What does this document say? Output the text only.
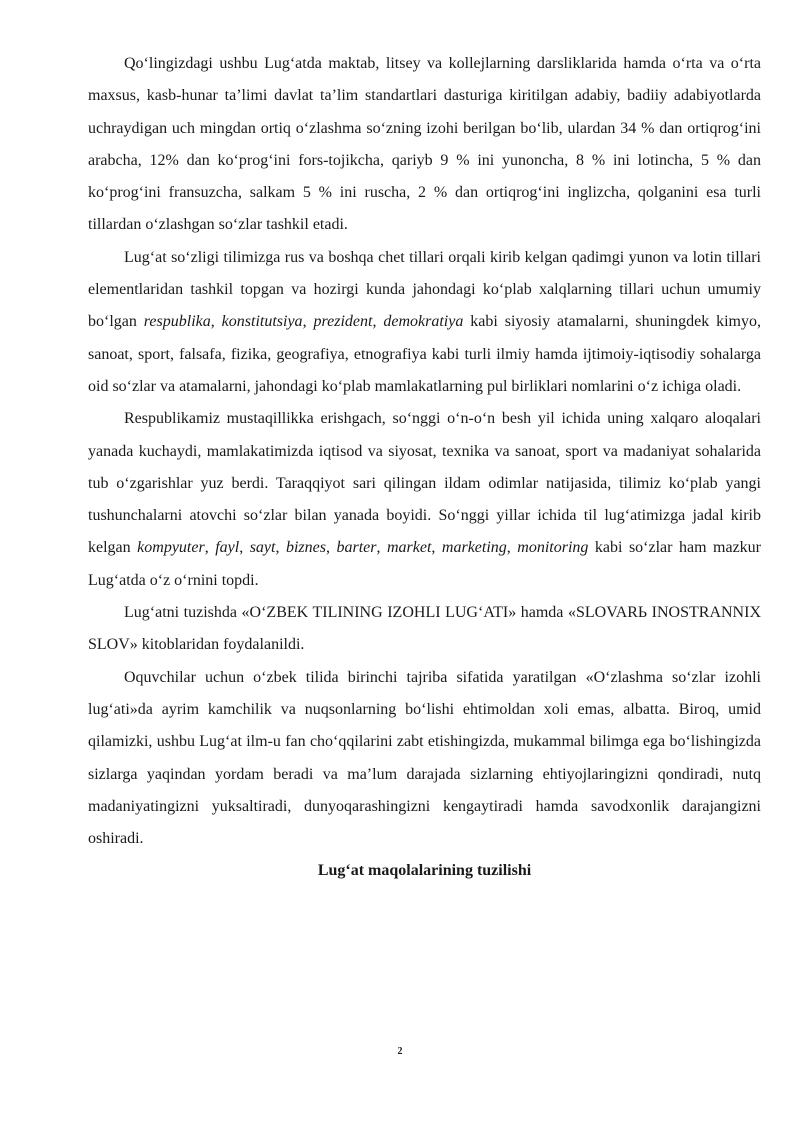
Qo‘lingizdagi ushbu Lug‘atda maktab, litsey va kollejlarning darsliklarida hamda o‘rta va o‘rta maxsus, kasb-hunar ta’limi davlat ta’lim standartlari dasturiga kiritilgan adabiy, badiiy adabiyotlarda uchraydigan uch mingdan ortiq o‘zlashma so‘zning izohi berilgan bo‘lib, ulardan 34 % dan ortiqrog‘ini arabcha, 12% dan ko‘prog‘ini fors-tojikcha, qariyb 9 % ini yunoncha, 8 % ini lotincha, 5 % dan ko‘prog‘ini fransuzcha, salkam 5 % ini ruscha, 2 % dan ortiqrog‘ini inglizcha, qolganini esa turli tillardan o‘zlashgan so‘zlar tashkil etadi.

Lug‘at so‘zligi tilimizga rus va boshqa chet tillari orqali kirib kelgan qadimgi yunon va lotin tillari elementlaridan tashkil topgan va hozirgi kunda jahondagi ko‘plab xalqlarning tillari uchun umumiy bo‘lgan respublika, konstitutsiya, prezident, demokratiya kabi siyosiy atamalarni, shuningdek kimyo, sanoat, sport, falsafa, fizika, geografiya, etnografiya kabi turli ilmiy hamda ijtimoiy-iqtisodiy sohalarga oid so‘zlar va atamalarni, jahondagi ko‘plab mamlakatlarning pul birliklari nomlarini o‘z ichiga oladi.

Respublikamiz mustaqillikka erishgach, so‘nggi o‘n-o‘n besh yil ichida uning xalqaro aloqalari yanada kuchaydi, mamlakatimizda iqtisod va siyosat, texnika va sanoat, sport va madaniyat sohalarida tub o‘zgarishlar yuz berdi. Taraqqiyot sari qilingan ildam odimlar natijasida, tilimiz ko‘plab yangi tushunchalarni atovchi so‘zlar bilan yanada boyidi. So‘nggi yillar ichida til lug‘atimizga jadal kirib kelgan kompyuter, fayl, sayt, biznes, barter, market, marketing, monitoring kabi so‘zlar ham mazkur Lug‘atda o‘z o‘rnini topdi.

Lug‘atni tuzishda «O‘ZBEK TILINING IZOHLI LUG‘ATI» hamda «SLOVARЬ INOSTRANNIX SLOV» kitoblaridan foydalanildi.

Oquvchilar uchun o‘zbek tilida birinchi tajriba sifatida yaratilgan «O‘zlashma so‘zlar izohli lug‘ati»da ayrim kamchilik va nuqsonlarning bo‘lishi ehtimoldan xoli emas, albatta. Biroq, umid qilamizki, ushbu Lug‘at ilm-u fan cho‘qqilarini zabt etishingizda, mukammal bilimga ega bo‘lishingizda sizlarga yaqindan yordam beradi va ma’lum darajada sizlarning ehtiyojlaringizni qondiradi, nutq madaniyatingizni yuksaltiradi, dunyoqarashingizni kengaytiradi hamda savodxonlik darajangizni oshiradi.

Lug‘at maqolalarining tuzilishi
2
